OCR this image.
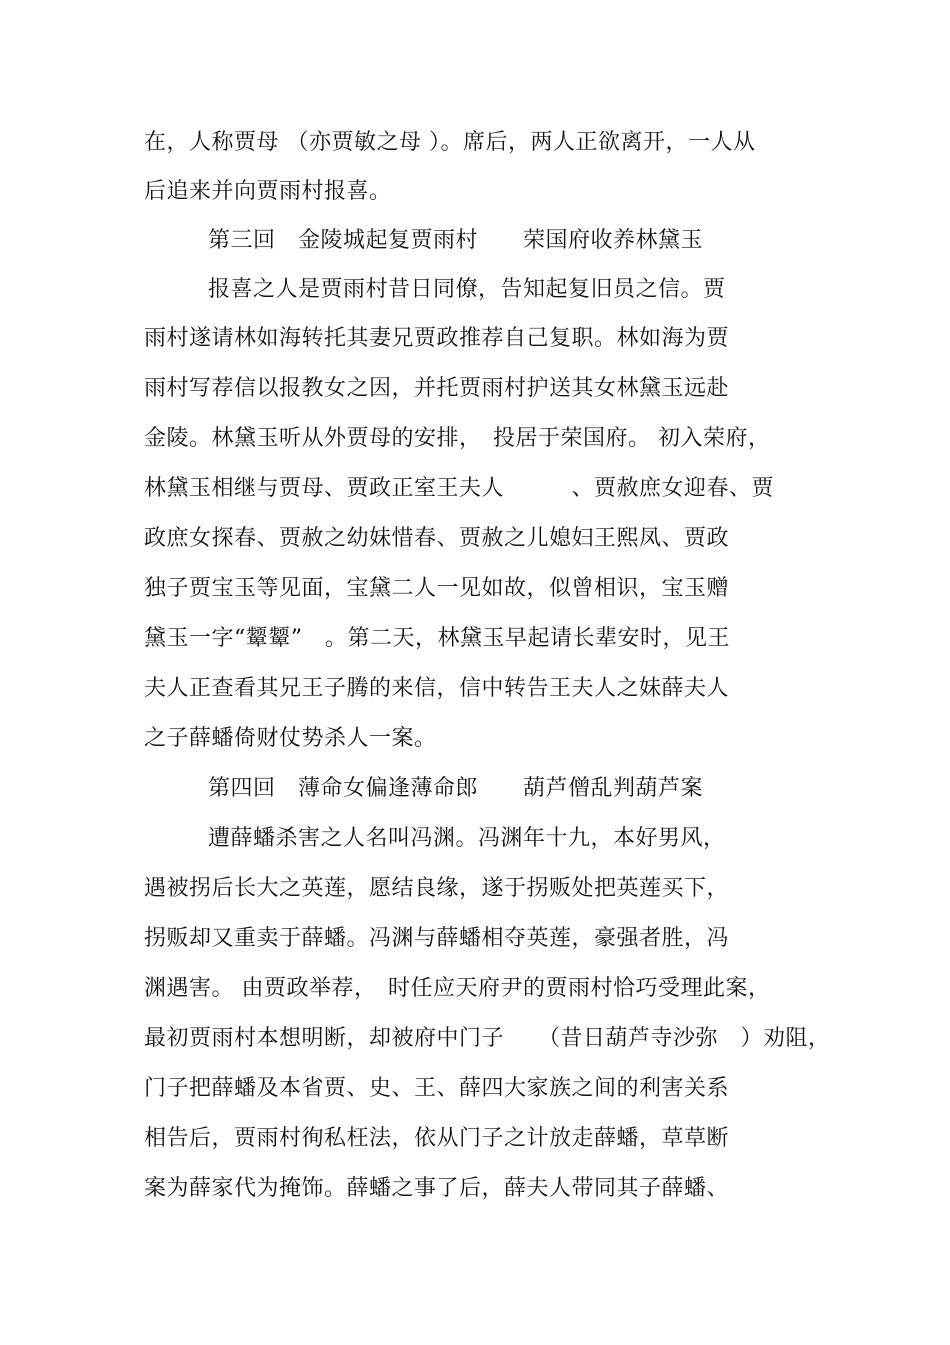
在，人称贾母 （亦贾敏之母 ）。席后，两人正欲离开，一人从
后追来并向贾雨村报喜。
第三回　金陵城起复贾雨村　　荣国府收养林黛玉
报喜之人是贾雨村昔日同僚，告知起复旧员之信。贾
雨村遂请林如海转托其妻兄贾政推荐自己复职。林如海为贾
雨村写荐信以报教女之因，并托贾雨村护送其女林黛玉远赴
金陵。林黛玉听从外贾母的安排，　投居于荣国府。 初入荣府，
林黛玉相继与贾母、贾政正室王夫人　　　、贾赦庶女迎春、贾
政庶女探春、贾赦之幼妹惜春、贾赦之儿媳妇王熙凤、贾政
独子贾宝玉等见面，宝黛二人一见如故，似曾相识，宝玉赠
黛玉一字“颦颦”　。第二天，林黛玉早起请长辈安时，见王
夫人正查看其兄王子腾的来信，信中转告王夫人之妹薛夫人
之子薛蟠倚财仗势杀人一案。
第四回　薄命女偏逢薄命郎　　葫芦僧乱判葫芦案
遭薛蟠杀害之人名叫冯渊。冯渊年十九，本好男风，
遇被拐后长大之英莲，愿结良缘，遂于拐贩处把英莲买下，
拐贩却又重卖于薛蟠。冯渊与薛蟠相夺英莲，豪强者胜，冯
渊遇害。 由贾政举荐，　时任应天府尹的贾雨村恰巧受理此案，
最初贾雨村本想明断，却被府中门子　　（昔日葫芦寺沙弥　）劝阻，
门子把薛蟠及本省贾、史、王、薛四大家族之间的利害关系
相告后，贾雨村徇私枉法，依从门子之计放走薛蟠，草草断
案为薛家代为掩饰。薛蟠之事了后，薛夫人带同其子薛蟠、
